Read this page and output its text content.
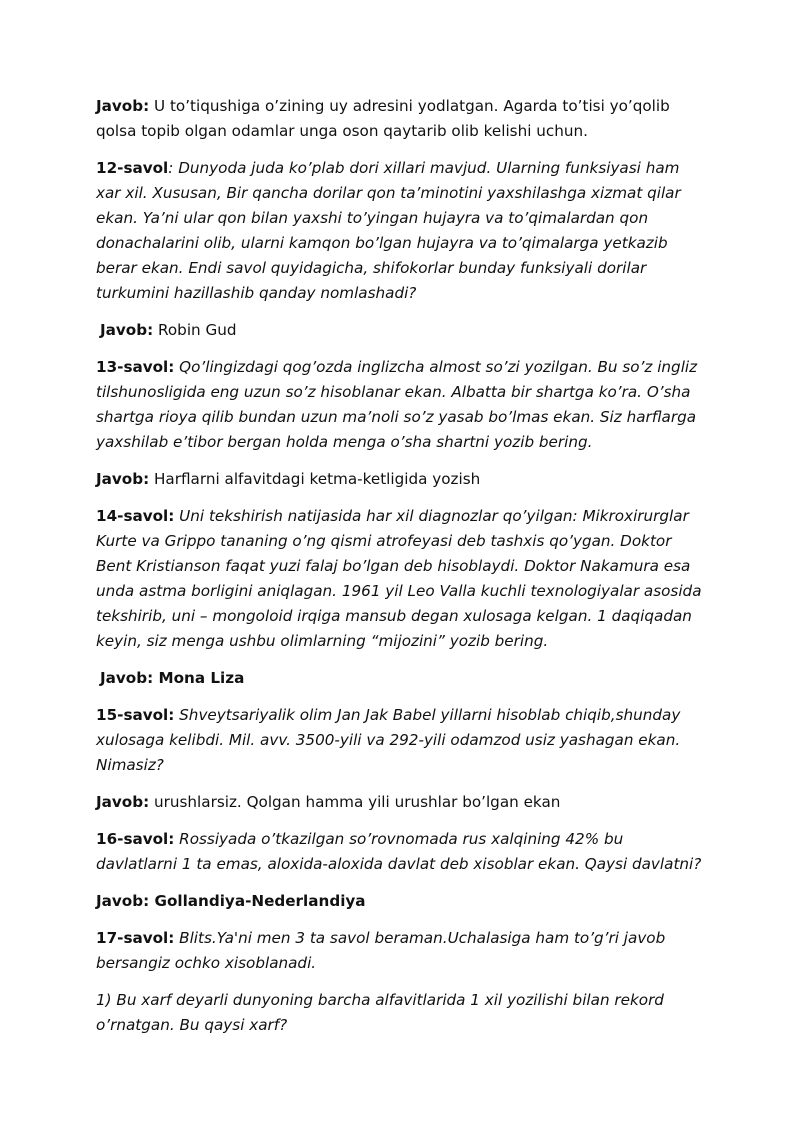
Javob: U to’tiqushiga o’zining uy adresini yodlatgan. Agarda to’tisi yo’qolib qolsa topib olgan odamlar unga oson qaytarib olib kelishi uchun.

12-savol: Dunyoda juda ko’plab dori xillari mavjud. Ularning funksiyasi ham xar xil. Xususan, Bir qancha dorilar qon ta’minotini yaxshilashga xizmat qilar ekan. Ya’ni ular qon bilan yaxshi to’yingan hujayra va to’qimalardan qon donachalarini olib, ularni kamqon bo’lgan hujayra va to’qimalarga yetkazib berar ekan. Endi savol quyidagicha, shifokorlar bunday funksiyali dorilar turkumini hazillashib qanday nomlashadi?

Javob: Robin Gud

13-savol: Qo’lingizdagi qog’ozda inglizcha almost so’zi yozilgan. Bu so’z ingliz tilshunosligida eng uzun so’z hisoblanar ekan. Albatta bir shartga ko’ra. O’sha shartga rioya qilib bundan uzun ma’noli so’z yasab bo’lmas ekan. Siz harflarga yaxshilab e’tibor bergan holda menga o’sha shartni yozib bering.

Javob: Harflarni alfavitdagi ketma-ketligida yozish

14-savol: Uni tekshirish natijasida har xil diagnozlar qo’yilgan: Mikroxirurglar Kurte va Grippo tananing o’ng qismi atrofeyasi deb tashxis qo’ygan. Doktor Bent Kristianson faqat yuzi falaj bo’lgan deb hisoblaydi. Doktor Nakamura esa unda astma borligini aniqlagan. 1961 yil Leo Valla kuchli texnologiyalar asosida tekshirib, uni – mongoloid irqiga mansub degan xulosaga kelgan. 1 daqiqadan keyin, siz menga ushbu olimlarning “mijozini” yozib bering.

Javob: Mona Liza

15-savol: Shveytsariyalik olim Jan Jak Babel yillarni hisoblab chiqib,shunday xulosaga kelibdi. Mil. avv. 3500-yili va 292-yili odamzod usiz yashagan ekan. Nimasiz?

Javob: urushlarsiz. Qolgan hamma yili urushlar bo’lgan ekan

16-savol: Rossiyada o’tkazilgan so’rovnomada rus xalqining 42% bu davlatlarni 1 ta emas, aloxida-aloxida davlat deb xisoblar ekan. Qaysi davlatni?

Javob: Gollandiya-Nederlandiya

17-savol: Blits.Ya'ni men 3 ta savol beraman.Uchalasiga ham to’g’ri javob bersangiz ochko xisoblanadi.

1) Bu xarf deyarli dunyoning barcha alfavitlarida 1 xil yozilishi bilan rekord o’rnatgan. Bu qaysi xarf?
